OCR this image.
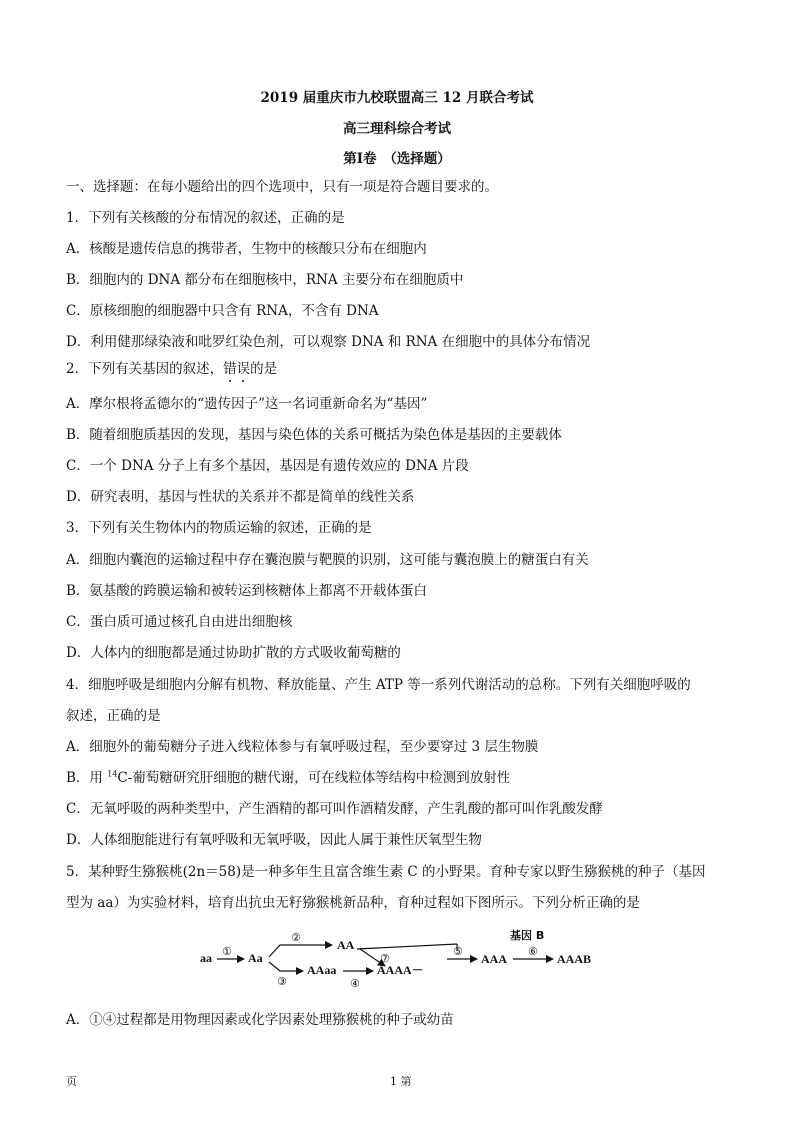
2019 届重庆市九校联盟高三 12 月联合考试
高三理科综合考试
第Ⅰ卷　（选择题）
一、选择题：在每小题给出的四个选项中，只有一项是符合题目要求的。
1．下列有关核酸的分布情况的叙述，正确的是
A．核酸是遗传信息的携带者，生物中的核酸只分布在细胞内
B．细胞内的 DNA 都分布在细胞核中，RNA 主要分布在细胞质中
C．原核细胞的细胞器中只含有 RNA，不含有 DNA
D．利用健那绿染液和吡罗红染色剂，可以观察 DNA 和 RNA 在细胞中的具体分布情况
2．下列有关基因的叙述，错误的是
A．摩尔根将孟德尔的“遗传因子”这一名词重新命名为“基因”
B．随着细胞质基因的发现，基因与染色体的关系可概括为染色体是基因的主要载体
C．一个 DNA 分子上有多个基因，基因是有遗传效应的 DNA 片段
D．研究表明，基因与性状的关系并不都是简单的线性关系
3．下列有关生物体内的物质运输的叙述，正确的是
A．细胞内囊泡的运输过程中存在囊泡膜与靶膜的识别，这可能与囊泡膜上的糖蛋白有关
B．氨基酸的跨膜运输和被转运到核糖体上都离不开载体蛋白
C．蛋白质可通过核孔自由进出细胞核
D．人体内的细胞都是通过协助扩散的方式吸收葡萄糖的
4．细胞呼吸是细胞内分解有机物、释放能量、产生 ATP 等一系列代谢活动的总称。下列有关细胞呼吸的
叙述，正确的是
A．细胞外的葡萄糖分子进入线粒体参与有氧呼吸过程，至少要穿过 3 层生物膜
B．用 $^{14}$C-葡萄糖研究肝细胞的糖代谢，可在线粒体等结构中检测到放射性
C．无氧呼吸的两种类型中，产生酒精的都可叫作酒精发酵，产生乳酸的都可叫作乳酸发酵
D．人体细胞能进行有氧呼吸和无氧呼吸，因此人属于兼性厌氧型生物
5．某种野生猕猴桃(2n＝58)是一种多年生且富含维生素 C 的小野果。育种专家以野生猕猴桃的种子（基因
型为 aa）为实验材料，培育出抗虫无籽猕猴桃新品种，育种过程如下图所示。下列分析正确的是
aa ① Aa
②
AA
③
AAaa
④
AAAA－
⑦
⑤
AAA
基因 B
⑥
AAAB
A．①④过程都是用物理因素或化学因素处理猕猴桃的种子或幼苗
页	1 第
